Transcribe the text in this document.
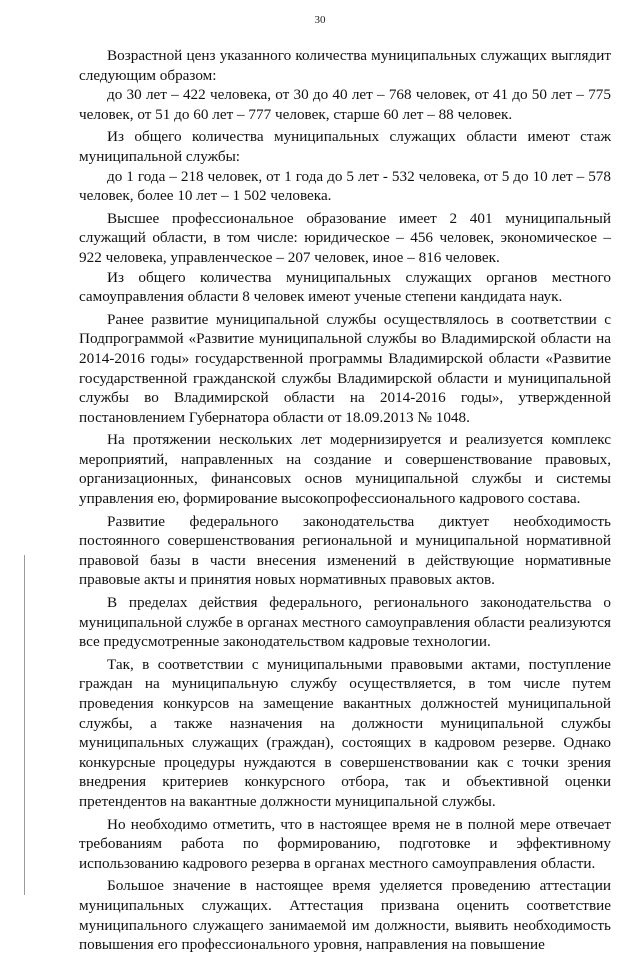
30

Возрастной ценз указанного количества муниципальных служащих выглядит следующим образом:

до 30 лет – 422 человека, от 30 до 40 лет – 768 человек, от 41 до 50 лет – 775 человек, от 51 до 60 лет – 777 человек, старше 60 лет – 88 человек.

Из общего количества муниципальных служащих области имеют стаж муниципальной службы:

до 1 года – 218 человек, от 1 года до 5 лет - 532 человека, от 5 до 10 лет – 578 человек, более 10 лет – 1 502 человека.

Высшее профессиональное образование имеет 2 401 муниципальный служащий области, в том числе: юридическое – 456 человек, экономическое – 922 человека, управленческое – 207 человек, иное – 816 человек.

Из общего количества муниципальных служащих органов местного самоуправления области 8 человек имеют ученые степени кандидата наук.

Ранее развитие муниципальной службы осуществлялось в соответствии с Подпрограммой «Развитие муниципальной службы во Владимирской области на 2014-2016 годы» государственной программы Владимирской области «Развитие государственной гражданской службы Владимирской области и муниципальной службы во Владимирской области на 2014-2016 годы», утвержденной постановлением Губернатора области от 18.09.2013 № 1048.

На протяжении нескольких лет модернизируется и реализуется комплекс мероприятий, направленных на создание и совершенствование правовых, организационных, финансовых основ муниципальной службы и системы управления ею, формирование высокопрофессионального кадрового состава.

Развитие федерального законодательства диктует необходимость постоянного совершенствования региональной и муниципальной нормативной правовой базы в части внесения изменений в действующие нормативные правовые акты и принятия новых нормативных правовых актов.

В пределах действия федерального, регионального законодательства о муниципальной службе в органах местного самоуправления области реализуются все предусмотренные законодательством кадровые технологии.

Так, в соответствии с муниципальными правовыми актами, поступление граждан на муниципальную службу осуществляется, в том числе путем проведения конкурсов на замещение вакантных должностей муниципальной службы, а также назначения на должности муниципальной службы муниципальных служащих (граждан), состоящих в кадровом резерве. Однако конкурсные процедуры нуждаются в совершенствовании как с точки зрения внедрения критериев конкурсного отбора, так и объективной оценки претендентов на вакантные должности муниципальной службы.

Но необходимо отметить, что в настоящее время не в полной мере отвечает требованиям работа по формированию, подготовке и эффективному использованию кадрового резерва в органах местного самоуправления области.

Большое значение в настоящее время уделяется проведению аттестации муниципальных служащих. Аттестация призвана оценить соответствие муниципального служащего занимаемой им должности, выявить необходимость повышения его профессионального уровня, направления на повышение
